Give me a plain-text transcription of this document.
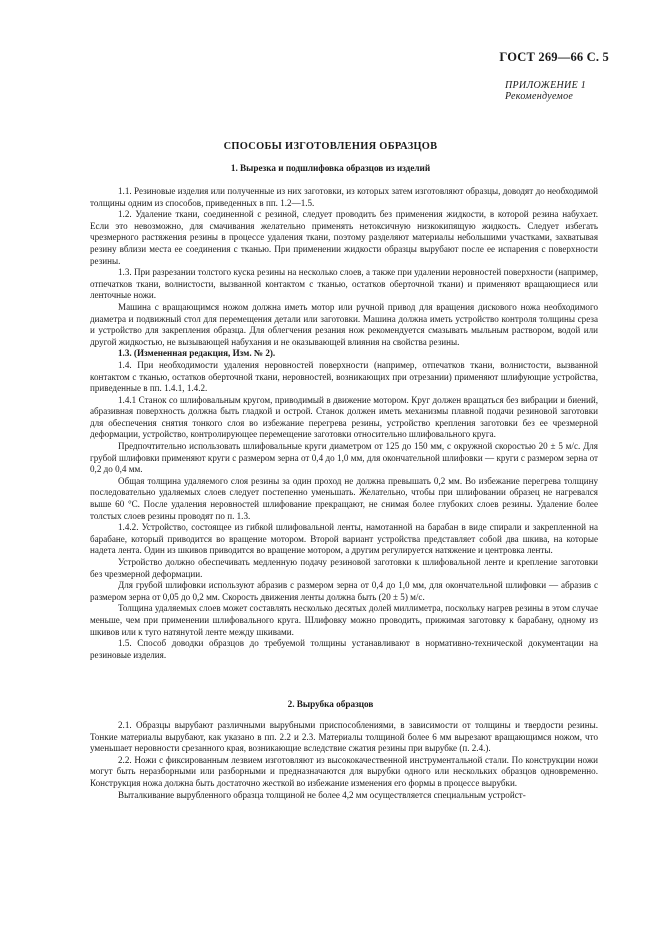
ГОСТ 269—66 С. 5
ПРИЛОЖЕНИЕ 1
Рекомендуемое
СПОСОБЫ ИЗГОТОВЛЕНИЯ ОБРАЗЦОВ
1. Вырезка и подшлифовка образцов из изделий

1.1. Резиновые изделия или полученные из них заготовки, из которых затем изготовляют образцы, доводят до необходимой толщины одним из способов, приведенных в пп. 1.2—1.5.

1.2. Удаление ткани, соединенной с резиной, следует проводить без применения жидкости, в которой резина набухает. Если это невозможно, для смачивания желательно применять нетоксичную низкокипящую жидкость. Следует избегать чрезмерного растяжения резины в процессе удаления ткани, поэтому разделяют материалы небольшими участками, захватывая резину вблизи места ее соединения с тканью. При применении жидкости образцы вырубают после ее испарения с поверхности резины.

1.3. При разрезании толстого куска резины на несколько слоев, а также при удалении неровностей поверхности (например, отпечатков ткани, волнистости, вызванной контактом с тканью, остатков оберточной ткани) и применяют вращающиеся или ленточные ножи.

Машина с вращающимся ножом должна иметь мотор или ручной привод для вращения дискового ножа необходимого диаметра и подвижный стол для перемещения детали или заготовки. Машина должна иметь устройство контроля толщины среза и устройство для закрепления образца. Для облегчения резания нож рекомендуется смазывать мыльным раствором, водой или другой жидкостью, не вызывающей набухания и не оказывающей влияния на свойства резины.

1.3. (Измененная редакция, Изм. № 2).

1.4. При необходимости удаления неровностей поверхности (например, отпечатков ткани, волнистости, вызванной контактом с тканью, остатков оберточной ткани, неровностей, возникающих при отрезании) применяют шлифующие устройства, приведенные в пп. 1.4.1, 1.4.2.

1.4.1 Станок со шлифовальным кругом, приводимый в движение мотором. Круг должен вращаться без вибрации и биений, абразивная поверхность должна быть гладкой и острой. Станок должен иметь механизмы плавной подачи резиновой заготовки для обеспечения снятия тонкого слоя во избежание перегрева резины, устройство крепления заготовки без ее чрезмерной деформации, устройство, контролирующее перемещение заготовки относительно шлифовального круга.

Предпочтительно использовать шлифовальные круги диаметром от 125 до 150 мм, с окружной скоростью 20 ± 5 м/с. Для грубой шлифовки применяют круги с размером зерна от 0,4 до 1,0 мм, для окончательной шлифовки — круги с размером зерна от 0,2 до 0,4 мм.

Общая толщина удаляемого слоя резины за один проход не должна превышать 0,2 мм. Во избежание перегрева толщину последовательно удаляемых слоев следует постепенно уменьшать. Желательно, чтобы при шлифовании образец не нагревался выше 60 °С. После удаления неровностей шлифование прекращают, не снимая более глубоких слоев резины. Удаление более толстых слоев резины проводят по п. 1.3.

1.4.2. Устройство, состоящее из гибкой шлифовальной ленты, намотанной на барабан в виде спирали и закрепленной на барабане, который приводится во вращение мотором. Второй вариант устройства представляет собой два шкива, на которые надета лента. Один из шкивов приводится во вращение мотором, а другим регулируется натяжение и центровка ленты.

Устройство должно обеспечивать медленную подачу резиновой заготовки к шлифовальной ленте и крепление заготовки без чрезмерной деформации.

Для грубой шлифовки используют абразив с размером зерна от 0,4 до 1,0 мм, для окончательной шлифовки — абразив с размером зерна от 0,05 до 0,2 мм. Скорость движения ленты должна быть (20 ± 5) м/с.

Толщина удаляемых слоев может составлять несколько десятых долей миллиметра, поскольку нагрев резины в этом случае меньше, чем при применении шлифовального круга. Шлифовку можно проводить, прижимая заготовку к барабану, одному из шкивов или к туго натянутой ленте между шкивами.

1.5. Способ доводки образцов до требуемой толщины устанавливают в нормативно-технической документации на резиновые изделия.

2. Вырубка образцов

2.1. Образцы вырубают различными вырубными приспособлениями, в зависимости от толщины и твердости резины. Тонкие материалы вырубают, как указано в пп. 2.2 и 2.3. Материалы толщиной более 6 мм вырезают вращающимся ножом, что уменьшает неровности срезанного края, возникающие вследствие сжатия резины при вырубке (п. 2.4.).

2.2. Ножи с фиксированным лезвием изготовляют из высококачественной инструментальной стали. По конструкции ножи могут быть неразборными или разборными и предназначаются для вырубки одного или нескольких образцов одновременно. Конструкция ножа должна быть достаточно жесткой во избежание изменения его формы в процессе вырубки.

Выталкивание вырубленного образца толщиной не более 4,2 мм осуществляется специальным устройст-
